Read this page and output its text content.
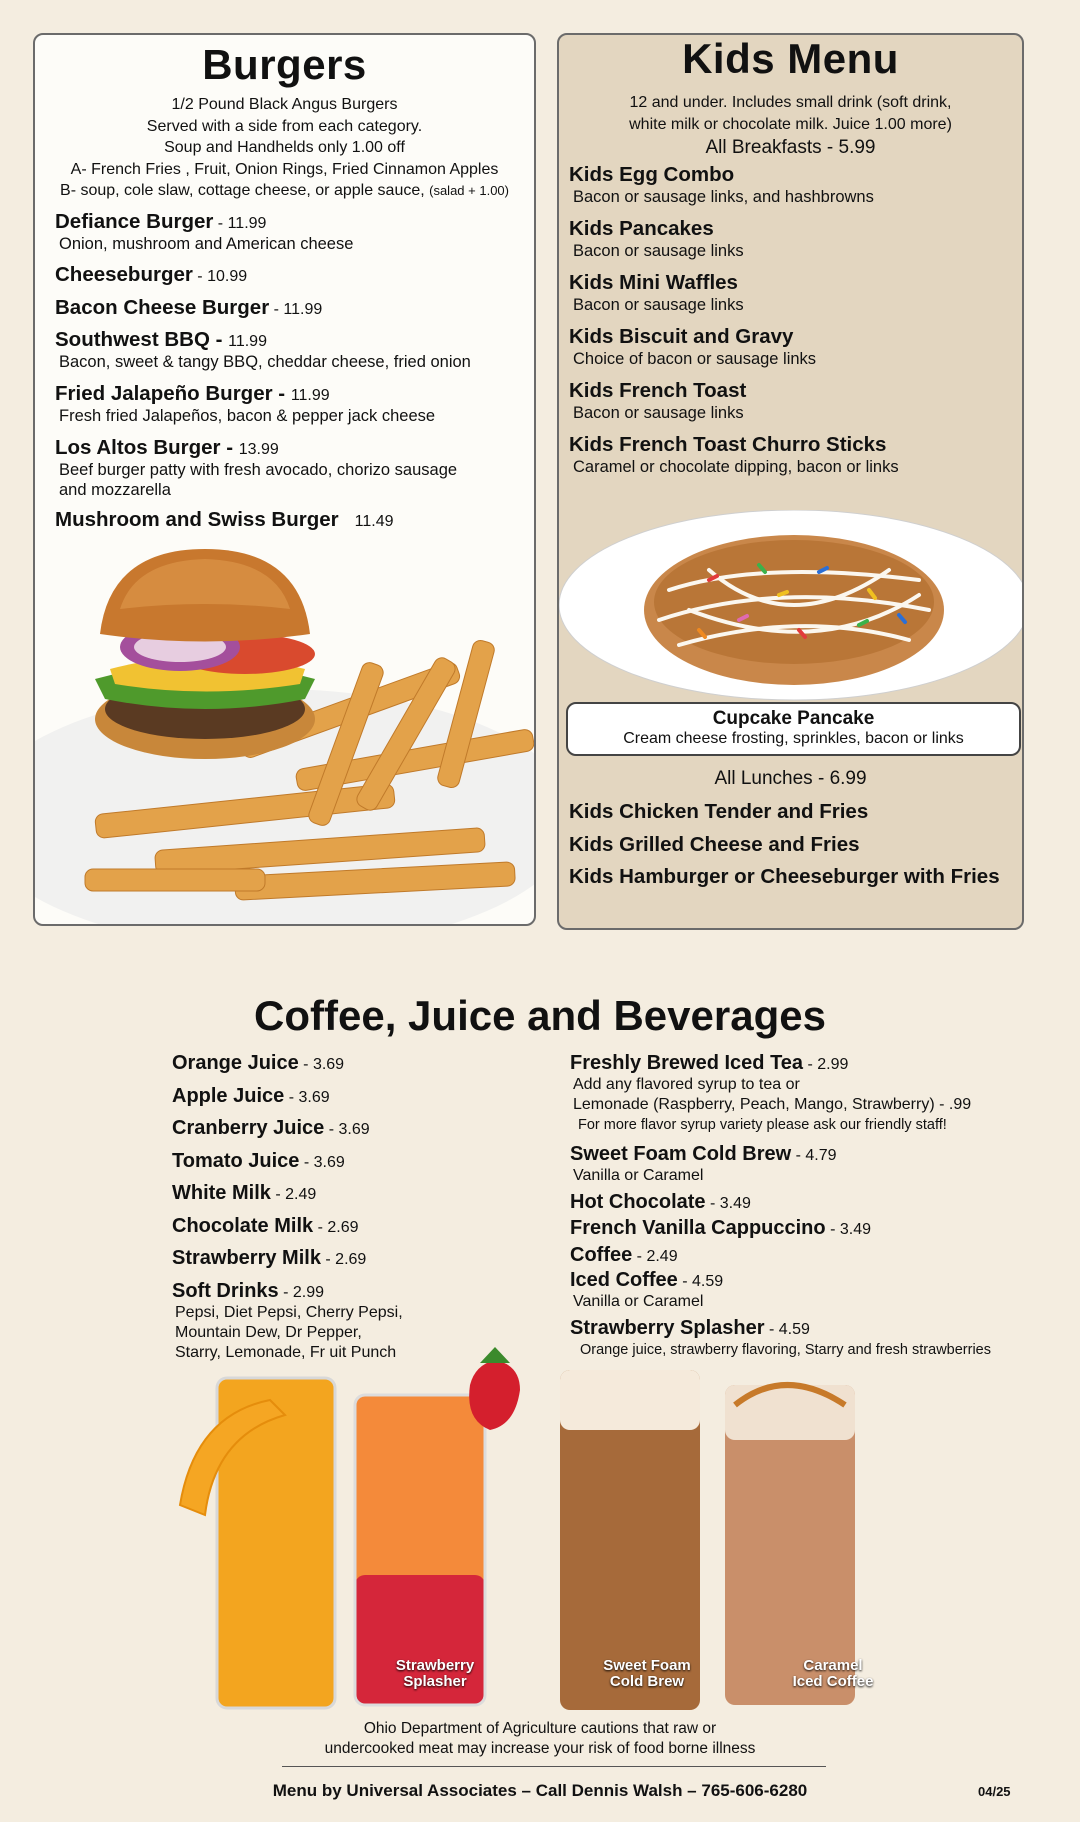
Burgers
1/2 Pound Black Angus Burgers
Served with a side from each category.
Soup and Handhelds only 1.00 off
A- French Fries , Fruit, Onion Rings, Fried Cinnamon Apples
B- soup, cole slaw, cottage cheese, or apple sauce, (salad + 1.00)
Defiance Burger - 11.99
Onion, mushroom and American cheese
Cheeseburger - 10.99
Bacon Cheese Burger - 11.99
Southwest BBQ - 11.99
Bacon, sweet & tangy BBQ, cheddar cheese, fried onion
Fried Jalapeño Burger - 11.99
Fresh fried Jalapeños, bacon & pepper jack cheese
Los Altos Burger - 13.99
Beef burger patty with fresh avocado, chorizo sausage
and mozzarella
Mushroom and Swiss Burger 11.49
Kids Menu
12 and under. Includes small drink (soft drink,
white milk or chocolate milk. Juice 1.00 more)
All Breakfasts - 5.99
Kids Egg Combo
Bacon or sausage links, and hashbrowns
Kids Pancakes
Bacon or sausage links
Kids Mini Waffles
Bacon or sausage links
Kids Biscuit and Gravy
Choice of bacon or sausage links
Kids French Toast
Bacon or sausage links
Kids French Toast Churro Sticks
Caramel or chocolate dipping, bacon or links
Cupcake Pancake
Cream cheese frosting, sprinkles, bacon or links
All Lunches - 6.99
Kids Chicken Tender and Fries
Kids Grilled Cheese and Fries
Kids Hamburger or Cheeseburger with Fries
Coffee, Juice and Beverages
Orange Juice - 3.69
Apple Juice - 3.69
Cranberry Juice - 3.69
Tomato Juice - 3.69
White Milk - 2.49
Chocolate Milk - 2.69
Strawberry Milk - 2.69
Soft Drinks - 2.99
Pepsi, Diet Pepsi, Cherry Pepsi,
Mountain Dew, Dr Pepper,
Starry, Lemonade, Fr uit Punch
Freshly Brewed Iced Tea - 2.99
Add any flavored syrup to tea or
Lemonade (Raspberry, Peach, Mango, Strawberry) - .99
For more flavor syrup variety please ask our friendly staff!
Sweet Foam Cold Brew - 4.79
Vanilla or Caramel
Hot Chocolate - 3.49
French Vanilla Cappuccino - 3.49
Coffee - 2.49
Iced Coffee - 4.59
Vanilla or Caramel
Strawberry Splasher - 4.59
Orange juice, strawberry flavoring, Starry and fresh strawberries
Strawberry
Splasher
Sweet Foam
Cold Brew
Caramel
Iced Coffee
Ohio Department of Agriculture cautions that raw or
undercooked meat may increase your risk of food borne illness
Menu by Universal Associates – Call Dennis Walsh – 765-606-6280	04/25
